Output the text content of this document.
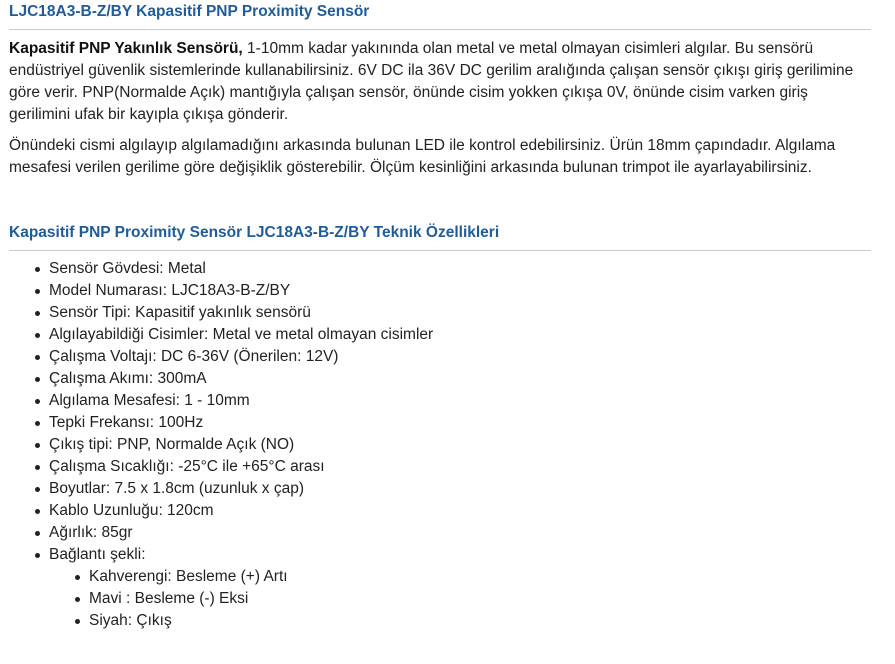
LJC18A3-B-Z/BY Kapasitif PNP Proximity Sensör

Kapasitif PNP Yakınlık Sensörü, 1-10mm kadar yakınında olan metal ve metal olmayan cisimleri algılar. Bu sensörü endüstriyel güvenlik sistemlerinde kullanabilirsiniz. 6V DC ila 36V DC gerilim aralığında çalışan sensör çıkışı giriş gerilimine göre verir. PNP(Normalde Açık) mantığıyla çalışan sensör, önünde cisim yokken çıkışa 0V, önünde cisim varken giriş gerilimini ufak bir kayıpla çıkışa gönderir.

Önündeki cismi algılayıp algılamadığını arkasında bulunan LED ile kontrol edebilirsiniz. Ürün 18mm çapındadır. Algılama mesafesi verilen gerilime göre değişiklik gösterebilir. Ölçüm kesinliğini arkasında bulunan trimpot ile ayarlayabilirsiniz.

Kapasitif PNP Proximity Sensör LJC18A3-B-Z/BY Teknik Özellikleri
Sensör Gövdesi: Metal
Model Numarası: LJC18A3-B-Z/BY
Sensör Tipi: Kapasitif yakınlık sensörü
Algılayabildiği Cisimler: Metal ve metal olmayan cisimler
Çalışma Voltajı: DC 6-36V (Önerilen: 12V)
Çalışma Akımı: 300mA
Algılama Mesafesi: 1 - 10mm
Tepki Frekansı: 100Hz
Çıkış tipi: PNP, Normalde Açık (NO)
Çalışma Sıcaklığı: -25°C ile +65°C arası
Boyutlar: 7.5 x 1.8cm (uzunluk x çap)
Kablo Uzunluğu: 120cm
Ağırlık: 85gr
Bağlantı şekli:
Kahverengi: Besleme (+) Artı
Mavi : Besleme (-) Eksi
Siyah: Çıkış
